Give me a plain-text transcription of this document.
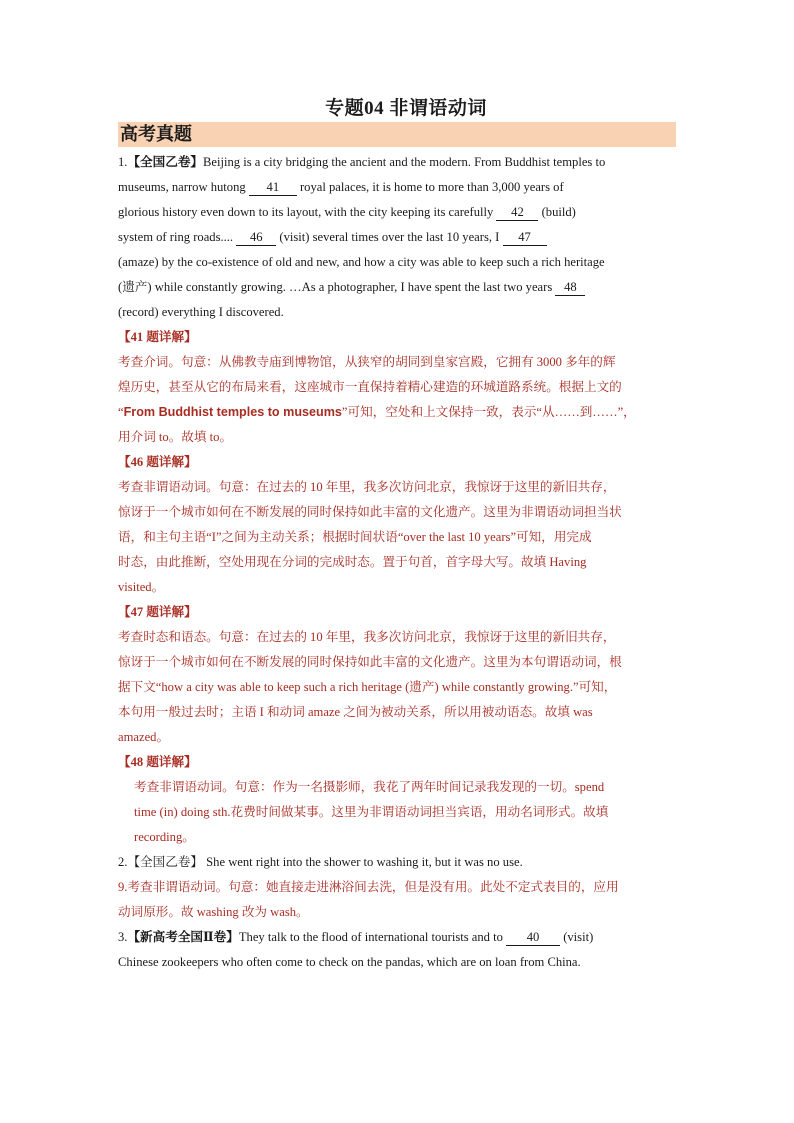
专题04 非谓语动词
高考真题

1.【全国乙卷】Beijing is a city bridging the ancient and the modern. From Buddhist temples to

museums, narrow hutong 41 royal palaces, it is home to more than 3,000 years of

glorious history even down to its layout, with the city keeping its carefully 42 (build)

system of ring roads.... 46 (visit) several times over the last 10 years, I 47

(amaze) by the co-existence of old and new, and how a city was able to keep such a rich heritage

(遗产) while constantly growing. …As a photographer, I have spent the last two years 48

(record) everything I discovered.

【41 题详解】

考查介词。句意：从佛教寺庙到博物馆，从狭窄的胡同到皇家宫殿，它拥有 3000 多年的辉

煌历史，甚至从它的布局来看，这座城市一直保持着精心建造的环城道路系统。根据上文的

“From Buddhist temples to museums”可知，空处和上文保持一致，表示“从……到……”，

用介词 to。故填 to。

【46 题详解】

考查非谓语动词。句意：在过去的 10 年里，我多次访问北京，我惊讶于这里的新旧共存，

惊讶于一个城市如何在不断发展的同时保持如此丰富的文化遗产。这里为非谓语动词担当状

语，和主句主语“I”之间为主动关系；根据时间状语“over the last 10 years”可知，用完成

时态，由此推断，空处用现在分词的完成时态。置于句首，首字母大写。故填 Having

visited。

【47 题详解】

考查时态和语态。句意：在过去的 10 年里，我多次访问北京，我惊讶于这里的新旧共存，

惊讶于一个城市如何在不断发展的同时保持如此丰富的文化遗产。这里为本句谓语动词，根

据下文“how a city was able to keep such a rich heritage (遗产) while constantly growing.”可知，

本句用一般过去时；主语 I 和动词 amaze 之间为被动关系，所以用被动语态。故填 was

amazed。

【48 题详解】

考查非谓语动词。句意：作为一名摄影师，我花了两年时间记录我发现的一切。spend

time (in) doing sth.花费时间做某事。这里为非谓语动词担当宾语，用动名词形式。故填

recording。

2.【全国乙卷】 She went right into the shower to washing it, but it was no use.

9.考查非谓语动词。句意：她直接走进淋浴间去洗，但是没有用。此处不定式表目的，应用

动词原形。故 washing 改为 wash。

3.【新高考全国Ⅱ卷】They talk to the flood of international tourists and to 40 (visit)

Chinese zookeepers who often come to check on the pandas, which are on loan from China.
